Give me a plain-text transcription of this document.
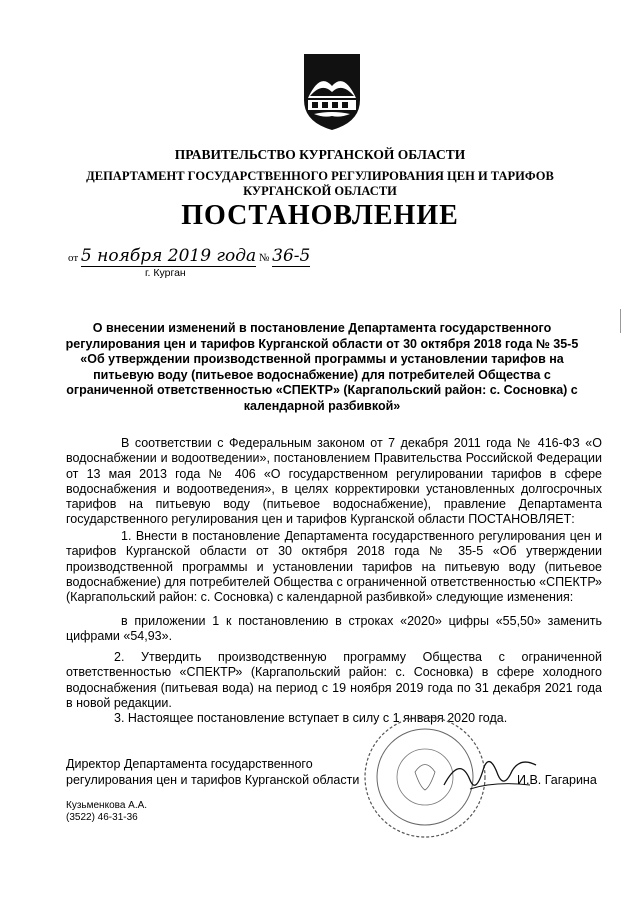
ПРАВИТЕЛЬСТВО КУРГАНСКОЙ ОБЛАСТИ
ДЕПАРТАМЕНТ ГОСУДАРСТВЕННОГО РЕГУЛИРОВАНИЯ ЦЕН И ТАРИФОВ
КУРГАНСКОЙ ОБЛАСТИ
ПОСТАНОВЛЕНИЕ
от 5 ноября 2019 года № 36-5
г. Курган
О внесении изменений в постановление Департамента государственного регулирования цен и тарифов Курганской области от 30 октября 2018 года № 35-5 «Об утверждении производственной программы и установлении тарифов на питьевую воду (питьевое водоснабжение) для потребителей Общества с ограниченной ответственностью «СПЕКТР» (Каргапольский район: с. Сосновка) с календарной разбивкой»
В соответствии с Федеральным законом от 7 декабря 2011 года № 416-ФЗ «О водоснабжении и водоотведении», постановлением Правительства Российской Федерации от 13 мая 2013 года № 406 «О государственном регулировании тарифов в сфере водоснабжения и водоотведения», в целях корректировки установленных долгосрочных тарифов на питьевую воду (питьевое водоснабжение), правление Департамента государственного регулирования цен и тарифов Курганской области ПОСТАНОВЛЯЕТ:
1. Внести в постановление Департамента государственного регулирования цен и тарифов Курганской области от 30 октября 2018 года № 35-5 «Об утверждении производственной программы и установлении тарифов на питьевую воду (питьевое водоснабжение) для потребителей Общества с ограниченной ответственностью «СПЕКТР» (Каргапольский район: с. Сосновка) с календарной разбивкой» следующие изменения:
в приложении 1 к постановлению в строках «2020» цифры «55,50» заменить цифрами «54,93».
2. Утвердить производственную программу Общества с ограниченной ответственностью «СПЕКТР» (Каргапольский район: с. Сосновка) в сфере холодного водоснабжения (питьевая вода) на период с 19 ноября 2019 года по 31 декабря 2021 года в новой редакции.
3. Настоящее постановление вступает в силу с 1 января 2020 года.
Директор Департамента государственного
регулирования цен и тарифов Курганской области	И.В. Гагарина
Кузьменкова А.А.
(3522) 46-31-36
